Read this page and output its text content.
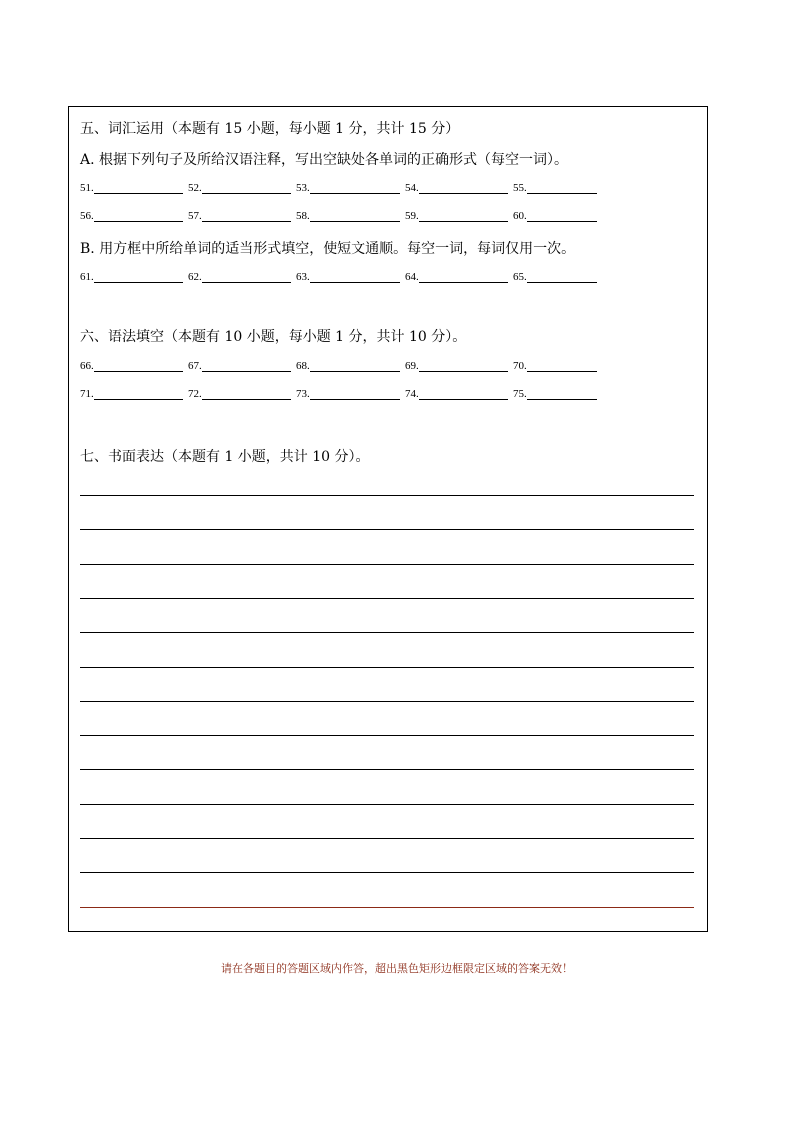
五、词汇运用（本题有 15 小题，每小题 1 分，共计 15 分）
A. 根据下列句子及所给汉语注释，写出空缺处各单词的正确形式（每空一词）。
51.	52.	53.	54.	55.
56.	57.	58.	59.	60.
B. 用方框中所给单词的适当形式填空，使短文通顺。每空一词，每词仅用一次。
61.	62.	63.	64.	65.
六、语法填空（本题有 10 小题，每小题 1 分，共计 10 分）。
66.	67.	68.	69.	70.
71.	72.	73.	74.	75.
七、书面表达（本题有 1 小题，共计 10 分）。
请在各题目的答题区域内作答，超出黑色矩形边框限定区域的答案无效！
